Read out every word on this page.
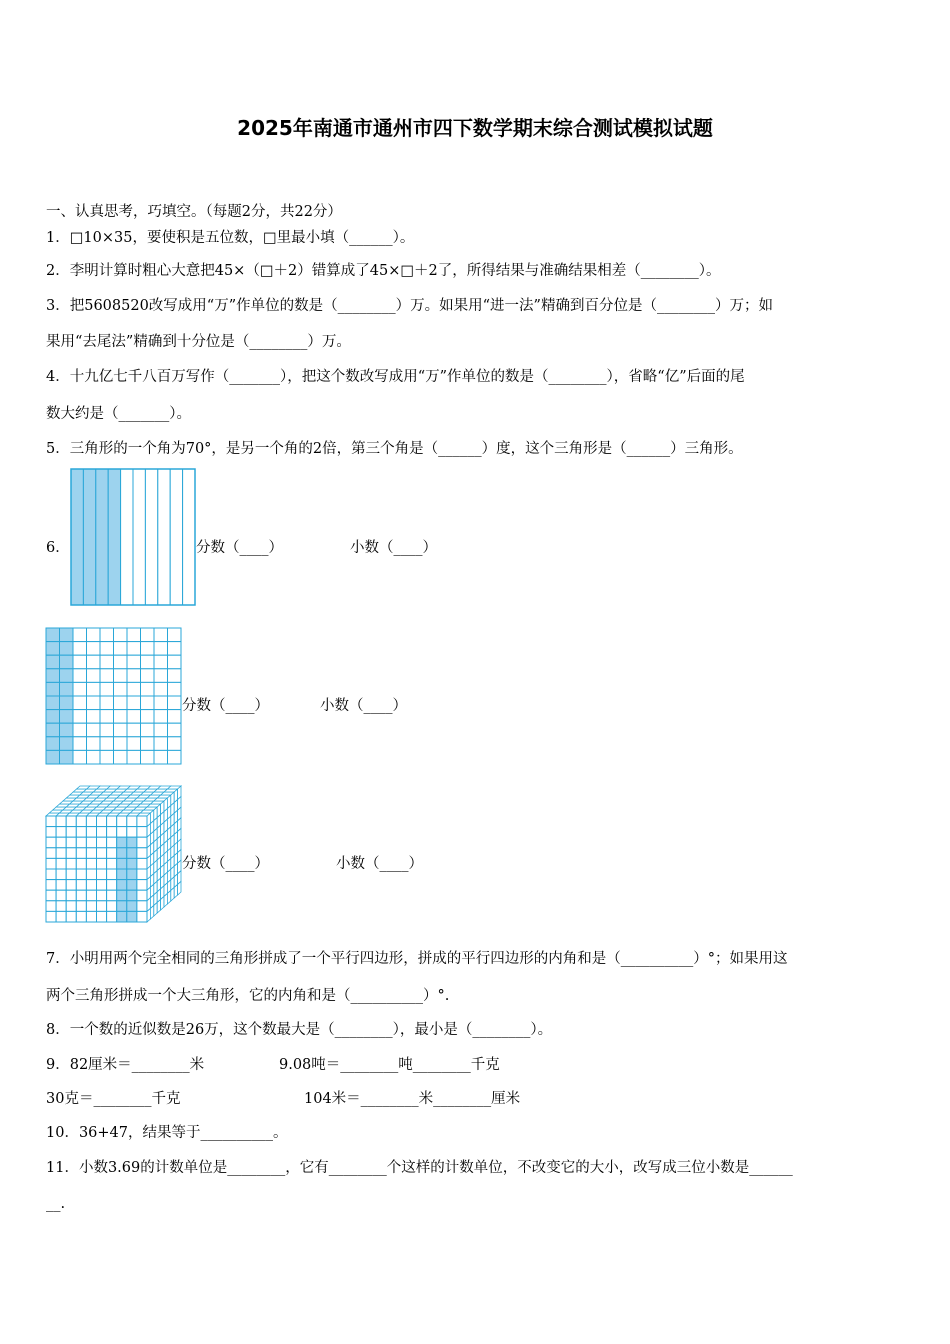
2025年南通市通州市四下数学期末综合测试模拟试题
一、认真思考，巧填空。（每题2分，共22分）
1．□10×35，要使积是五位数，□里最小填（______）。
2．李明计算时粗心大意把45×（□＋2）错算成了45×□＋2了，所得结果与准确结果相差（________）。
3．把5608520改写成用“万”作单位的数是（________）万。如果用“进一法”精确到百分位是（________）万；如
果用“去尾法”精确到十分位是（________）万。
4．十九亿七千八百万写作（_______），把这个数改写成用“万”作单位的数是（________），省略“亿”后面的尾
数大约是（_______）。
5．三角形的一个角为70°，是另一个角的2倍，第三个角是（______）度，这个三角形是（______）三角形。
6．	分数（____）	小数（____）
分数（____）	小数（____）
分数（____）	小数（____）
7．小明用两个完全相同的三角形拼成了一个平行四边形，拼成的平行四边形的内角和是（__________）°；如果用这
两个三角形拼成一个大三角形，它的内角和是（__________）°.
8．一个数的近似数是26万，这个数最大是（________），最小是（________）。
9．82厘米＝________米	9.08吨＝________吨________千克
30克＝________千克	104米＝________米________厘米
10．36+47，结果等于__________。
11．小数3.69的计数单位是________，它有________个这样的计数单位，不改变它的大小，改写成三位小数是______
__.
